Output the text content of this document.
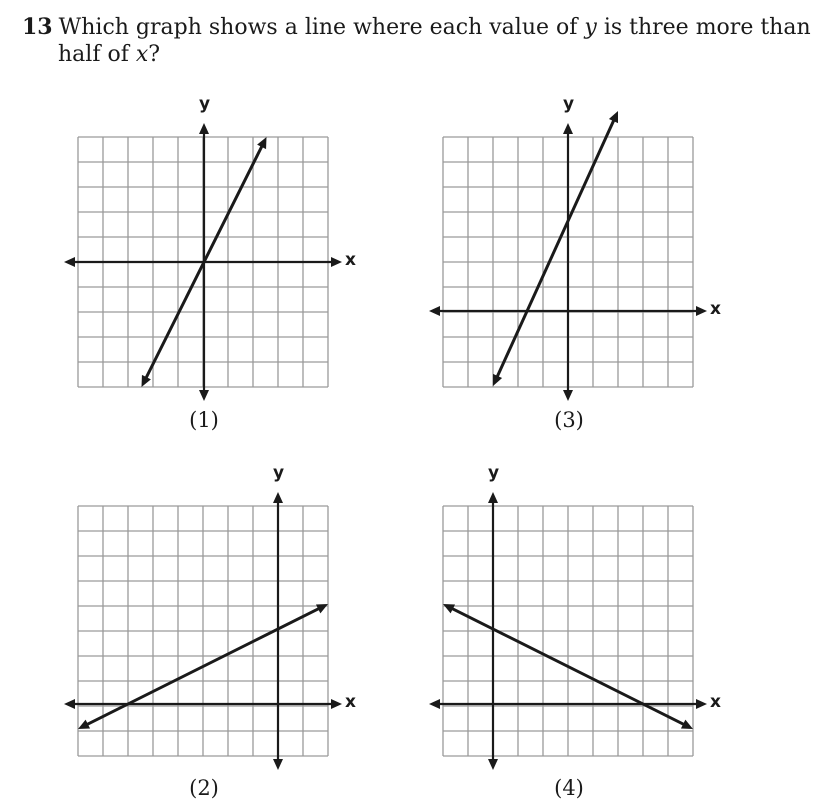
13 Which graph shows a line where each value of y is three more than
half of x?
x
y
(1)
x
y
(2)
x
y
(3)
x
y
(4)
